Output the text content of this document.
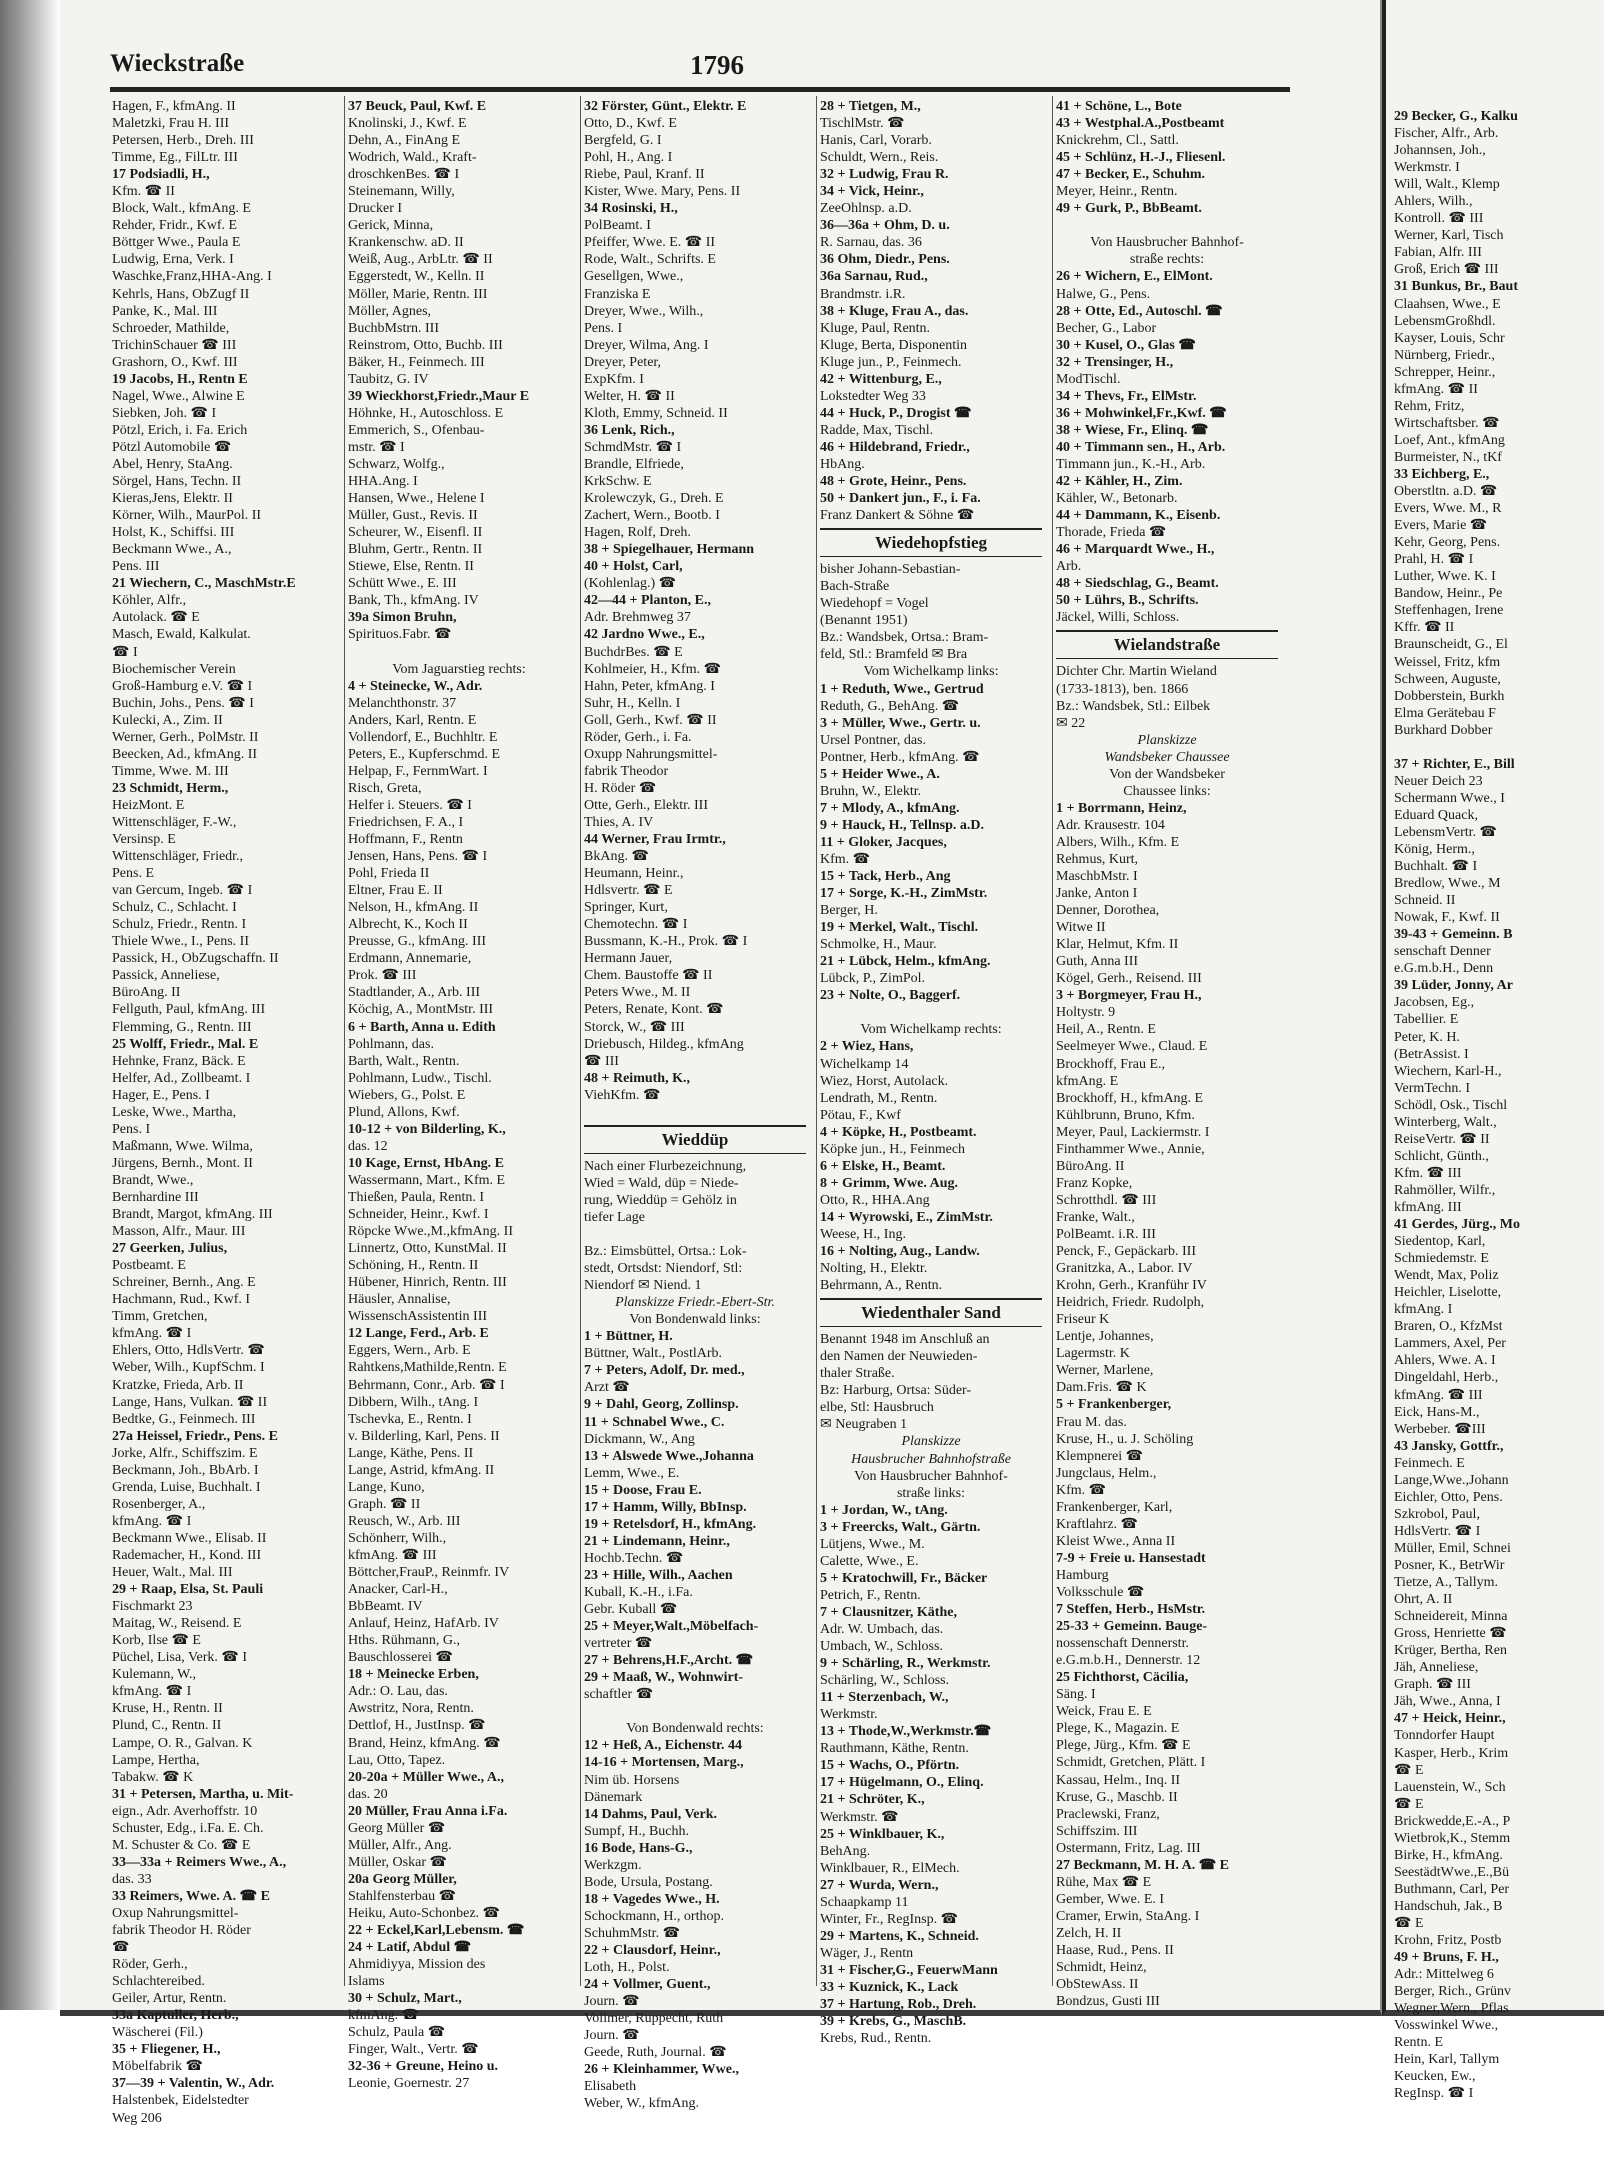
29 Becker, G., Kalku
Fischer, Alfr., Arb.
Johannsen, Joh.,
Werkmstr. I
Will, Walt., Klemp
Ahlers, Wilh.,
Kontroll. ☎ III
Werner, Karl, Tisch
Fabian, Alfr. III
Groß, Erich ☎ III
31 Bunkus, Br., Baut
Claahsen, Wwe., E
LebensmGroßhdl.
Kayser, Louis, Schr
Nürnberg, Friedr.,
Schrepper, Heinr.,
kfmAng. ☎ II
Rehm, Fritz,
Wirtschaftsber. ☎
Loef, Ant., kfmAng
Burmeister, N., tKf
33 Eichberg, E.,
Oberstltn. a.D. ☎
Evers, Wwe. M., R
Evers, Marie ☎
Kehr, Georg, Pens.
Prahl, H. ☎ I
Luther, Wwe. K. I
Bandow, Heinr., Pe
Steffenhagen, Irene
Kffr. ☎ II
Braunscheidt, G., El
Weissel, Fritz, kfm
Schween, Auguste,
Dobberstein, Burkh
Elma Gerätebau F
Burkhard Dobber
37 + Richter, E., Bill
Neuer Deich 23
Schermann Wwe., I
Eduard Quack,
LebensmVertr. ☎
König, Herm.,
Buchhalt. ☎ I
Bredlow, Wwe., M
Schneid. II
Nowak, F., Kwf. II
39-43 + Gemeinn. B
senschaft Denner
e.G.m.b.H., Denn
39 Lüder, Jonny, Ar
Jacobsen, Eg.,
Tabellier. E
Peter, K. H.
(BetrAssist. I
Wiechern, Karl-H.,
VermTechn. I
Schödl, Osk., Tischl
Winterberg, Walt.,
ReiseVertr. ☎ II
Schlicht, Günth.,
Kfm. ☎ III
Rahmöller, Wilfr.,
kfmAng. III
41 Gerdes, Jürg., Mo
Siedentop, Karl,
Schmiedemstr. E
Wendt, Max, Poliz
Heichler, Liselotte,
kfmAng. I
Braren, O., KfzMst
Lammers, Axel, Per
Ahlers, Wwe. A. I
Dingeldahl, Herb.,
kfmAng. ☎ III
Eick, Hans-M.,
Werbeber. ☎III
43 Jansky, Gottfr.,
Feinmech. E
Lange,Wwe.,Johann
Eichler, Otto, Pens.
Szkrobol, Paul,
HdlsVertr. ☎ I
Müller, Emil, Schnei
Posner, K., BetrWir
Tietze, A., Tallym.
Ohrt, A. II
Schneidereit, Minna
Gross, Henriette ☎
Krüger, Bertha, Ren
Jäh, Anneliese,
Graph. ☎ III
Jäh, Wwe., Anna, I
47 + Heick, Heinr.,
Tonndorfer Haupt
Kasper, Herb., Krim
☎ E
Lauenstein, W., Sch
☎ E
Brickwedde,E.-A., P
Wietbrok,K., Stemm
Birke, H., kfmAng.
SeestädtWwe.,E.,Bü
Buthmann, Carl, Per
Handschuh, Jak., B
☎ E
Krohn, Fritz, Postb
49 + Bruns, F. H.,
Adr.: Mittelweg 6
Berger, Rich., Grünv
Wegner,Wern., Pflas
Vosswinkel Wwe.,
Rentn. E
Hein, Karl, Tallym
Keucken, Ew.,
RegInsp. ☎ I
Wieckstraße	1796
Hagen, F., kfmAng. II
Maletzki, Frau H. III
Petersen, Herb., Dreh. III
Timme, Eg., FilLtr. III
17 Podsiadli, H.,
Kfm. ☎ II
Block, Walt., kfmAng. E
Rehder, Fridr., Kwf. E
Böttger Wwe., Paula E
Ludwig, Erna, Verk. I
Waschke,Franz,HHA-Ang. I
Kehrls, Hans, ObZugf II
Panke, K., Mal. III
Schroeder, Mathilde,
TrichinSchauer ☎ III
Grashorn, O., Kwf. III
19 Jacobs, H., Rentn E
Nagel, Wwe., Alwine E
Siebken, Joh. ☎ I
Pötzl, Erich, i. Fa. Erich
Pötzl Automobile ☎
Abel, Henry, StaAng.
Sörgel, Hans, Techn. II
Kieras,Jens, Elektr. II
Körner, Wilh., MaurPol. II
Holst, K., Schiffsi. III
Beckmann Wwe., A.,
Pens. III
21 Wiechern, C., MaschMstr.E
Köhler, Alfr.,
Autolack. ☎ E
Masch, Ewald, Kalkulat.
☎ I
Biochemischer Verein
Groß-Hamburg e.V. ☎ I
Buchin, Johs., Pens. ☎ I
Kulecki, A., Zim. II
Werner, Gerh., PolMstr. II
Beecken, Ad., kfmAng. II
Timme, Wwe. M. III
23 Schmidt, Herm.,
HeizMont. E
Wittenschläger, F.-W.,
Versinsp. E
Wittenschläger, Friedr.,
Pens. E
van Gercum, Ingeb. ☎ I
Schulz, C., Schlacht. I
Schulz, Friedr., Rentn. I
Thiele Wwe., I., Pens. II
Passick, H., ObZugschaffn. II
Passick, Anneliese,
BüroAng. II
Fellguth, Paul, kfmAng. III
Flemming, G., Rentn. III
25 Wolff, Friedr., Mal. E
Hehnke, Franz, Bäck. E
Helfer, Ad., Zollbeamt. I
Hager, E., Pens. I
Leske, Wwe., Martha,
Pens. I
Maßmann, Wwe. Wilma,
Jürgens, Bernh., Mont. II
Brandt, Wwe.,
Bernhardine III
Brandt, Margot, kfmAng. III
Masson, Alfr., Maur. III
27 Geerken, Julius,
Postbeamt. E
Schreiner, Bernh., Ang. E
Hachmann, Rud., Kwf. I
Timm, Gretchen,
kfmAng. ☎ I
Ehlers, Otto, HdlsVertr. ☎
Weber, Wilh., KupfSchm. I
Kratzke, Frieda, Arb. II
Lange, Hans, Vulkan. ☎ II
Bedtke, G., Feinmech. III
27a Heissel, Friedr., Pens. E
Jorke, Alfr., Schiffszim. E
Beckmann, Joh., BbArb. I
Grenda, Luise, Buchhalt. I
Rosenberger, A.,
kfmAng. ☎ I
Beckmann Wwe., Elisab. II
Rademacher, H., Kond. III
Heuer, Walt., Mal. III
29 + Raap, Elsa, St. Pauli
Fischmarkt 23
Maitag, W., Reisend. E
Korb, Ilse ☎ E
Püchel, Lisa, Verk. ☎ I
Kulemann, W.,
kfmAng. ☎ I
Kruse, H., Rentn. II
Plund, C., Rentn. II
Lampe, O. R., Galvan. K
Lampe, Hertha,
Tabakw. ☎ K
31 + Petersen, Martha, u. Mit-
eign., Adr. Averhoffstr. 10
Schuster, Edg., i.Fa. E. Ch.
M. Schuster & Co. ☎ E
33—33a + Reimers Wwe., A.,
das. 33
33 Reimers, Wwe. A. ☎ E
Oxup Nahrungsmittel-
fabrik Theodor H. Röder
☎
Röder, Gerh.,
Schlachtereibed.
Geiler, Artur, Rentn.
33a Kaptuller, Herb.,
Wäscherei (Fil.)
35 + Fliegener, H.,
Möbelfabrik ☎
37—39 + Valentin, W., Adr.
Halstenbek, Eidelstedter
Weg 206
37 Beuck, Paul, Kwf. E
Knolinski, J., Kwf. E
Dehn, A., FinAng E
Wodrich, Wald., Kraft-
droschkenBes. ☎ I
Steinemann, Willy,
Drucker I
Gerick, Minna,
Krankenschw. aD. II
Weiß, Aug., ArbLtr. ☎ II
Eggerstedt, W., Kelln. II
Möller, Marie, Rentn. III
Möller, Agnes,
BuchbMstrn. III
Reinstrom, Otto, Buchb. III
Bäker, H., Feinmech. III
Taubitz, G. IV
39 Wieckhorst,Friedr.,Maur E
Höhnke, H., Autoschloss. E
Emmerich, S., Ofenbau-
mstr. ☎ I
Schwarz, Wolfg.,
HHA.Ang. I
Hansen, Wwe., Helene I
Müller, Gust., Revis. II
Scheurer, W., Eisenfl. II
Bluhm, Gertr., Rentn. II
Stiewe, Else, Rentn. II
Schütt Wwe., E. III
Bank, Th., kfmAng. IV
39a Simon Bruhn,
Spirituos.Fabr. ☎
Vom Jaguarstieg rechts:
4 + Steinecke, W., Adr.
Melanchthonstr. 37
Anders, Karl, Rentn. E
Vollendorf, E., Buchhltr. E
Peters, E., Kupferschmd. E
Helpap, F., FernmWart. I
Risch, Greta,
Helfer i. Steuers. ☎ I
Friedrichsen, F. A., I
Hoffmann, F., Rentn
Jensen, Hans, Pens. ☎ I
Pohl, Frieda II
Eltner, Frau E. II
Nelson, H., kfmAng. II
Albrecht, K., Koch II
Preusse, G., kfmAng. III
Erdmann, Annemarie,
Prok. ☎ III
Stadtlander, A., Arb. III
Köchig, A., MontMstr. III
6 + Barth, Anna u. Edith
Pohlmann, das.
Barth, Walt., Rentn.
Pohlmann, Ludw., Tischl.
Wiebers, G., Polst. E
Plund, Allons, Kwf.
10-12 + von Bilderling, K.,
das. 12
10 Kage, Ernst, HbAng. E
Wassermann, Mart., Kfm. E
Thießen, Paula, Rentn. I
Schneider, Heinr., Kwf. I
Röpcke Wwe.,M.,kfmAng. II
Linnertz, Otto, KunstMal. II
Schöning, H., Rentn. II
Hübener, Hinrich, Rentn. III
Häusler, Annalise,
WissenschAssistentin III
12 Lange, Ferd., Arb. E
Eggers, Wern., Arb. E
Rahtkens,Mathilde,Rentn. E
Behrmann, Conr., Arb. ☎ I
Dibbern, Wilh., tAng. I
Tschevka, E., Rentn. I
v. Bilderling, Karl, Pens. II
Lange, Käthe, Pens. II
Lange, Astrid, kfmAng. II
Lange, Kuno,
Graph. ☎ II
Reusch, W., Arb. III
Schönherr, Wilh.,
kfmAng. ☎ III
Böttcher,FrauP., Reinmfr. IV
Anacker, Carl-H.,
BbBeamt. IV
Anlauf, Heinz, HafArb. IV
Hths. Rühmann, G.,
Bauschlosserei ☎
18 + Meinecke Erben,
Adr.: O. Lau, das.
Awstritz, Nora, Rentn.
Dettlof, H., JustInsp. ☎
Brand, Heinz, kfmAng. ☎
Lau, Otto, Tapez.
20-20a + Müller Wwe., A.,
das. 20
20 Müller, Frau Anna i.Fa.
Georg Müller ☎
Müller, Alfr., Ang.
Müller, Oskar ☎
20a Georg Müller,
Stahlfensterbau ☎
Heiku, Auto-Schonbez. ☎
22 + Eckel,Karl,Lebensm. ☎
24 + Latif, Abdul ☎
Ahmidiyya, Mission des
Islams
30 + Schulz, Mart.,
kfmAng. ☎
Schulz, Paula ☎
Finger, Walt., Vertr. ☎
32-36 + Greune, Heino u.
Leonie, Goernestr. 27
32 Förster, Günt., Elektr. E
Otto, D., Kwf. E
Bergfeld, G. I
Pohl, H., Ang. I
Riebe, Paul, Kranf. II
Kister, Wwe. Mary, Pens. II
34 Rosinski, H.,
PolBeamt. I
Pfeiffer, Wwe. E. ☎ II
Rode, Walt., Schrifts. E
Gesellgen, Wwe.,
Franziska E
Dreyer, Wwe., Wilh.,
Pens. I
Dreyer, Wilma, Ang. I
Dreyer, Peter,
ExpKfm. I
Welter, H. ☎ II
Kloth, Emmy, Schneid. II
36 Lenk, Rich.,
SchmdMstr. ☎ I
Brandle, Elfriede,
KrkSchw. E
Krolewczyk, G., Dreh. E
Zachert, Wern., Bootb. I
Hagen, Rolf, Dreh.
38 + Spiegelhauer, Hermann
40 + Holst, Carl,
(Kohlenlag.) ☎
42—44 + Planton, E.,
Adr. Brehmweg 37
42 Jardno Wwe., E.,
BuchdrBes. ☎ E
Kohlmeier, H., Kfm. ☎
Hahn, Peter, kfmAng. I
Suhr, H., Kelln. I
Goll, Gerh., Kwf. ☎ II
Röder, Gerh., i. Fa.
Oxupp Nahrungsmittel-
fabrik Theodor
H. Röder ☎
Otte, Gerh., Elektr. III
Thies, A. IV
44 Werner, Frau Irmtr.,
BkAng. ☎
Heumann, Heinr.,
Hdlsvertr. ☎ E
Springer, Kurt,
Chemotechn. ☎ I
Bussmann, K.-H., Prok. ☎ I
Hermann Jauer,
Chem. Baustoffe ☎ II
Peters Wwe., M. II
Peters, Renate, Kont. ☎
Storck, W., ☎ III
Driebusch, Hildeg., kfmAng
☎ III
48 + Reimuth, K.,
ViehKfm. ☎
Wieddüp
Nach einer Flurbezeichnung,
Wied = Wald, düp = Niede-
rung, Wieddüp = Gehölz in
tiefer Lage
Bz.: Eimsbüttel, Ortsa.: Lok-
stedt, Ortsdst: Niendorf, Stl:
Niendorf ✉ Niend. 1
Planskizze Friedr.-Ebert-Str.
Von Bondenwald links:
1 + Büttner, H.
Büttner, Walt., PostlArb.
7 + Peters, Adolf, Dr. med.,
Arzt ☎
9 + Dahl, Georg, Zollinsp.
11 + Schnabel Wwe., C.
Dickmann, W., Ang
13 + Alswede Wwe.,Johanna
Lemm, Wwe., E.
15 + Doose, Frau E.
17 + Hamm, Willy, BbInsp.
19 + Retelsdorf, H., kfmAng.
21 + Lindemann, Heinr.,
Hochb.Techn. ☎
23 + Hille, Wilh., Aachen
Kuball, K.-H., i.Fa.
Gebr. Kuball ☎
25 + Meyer,Walt.,Möbelfach-
vertreter ☎
27 + Behrens,H.F.,Archt. ☎
29 + Maaß, W., Wohnwirt-
schaftler ☎
Von Bondenwald rechts:
12 + Heß, A., Eichenstr. 44
14-16 + Mortensen, Marg.,
Nim üb. Horsens
Dänemark
14 Dahms, Paul, Verk.
Sumpf, H., Buchh.
16 Bode, Hans-G.,
Werkzgm.
Bode, Ursula, Postang.
18 + Vagedes Wwe., H.
Schockmann, H., orthop.
SchuhmMstr. ☎
22 + Clausdorf, Heinr.,
Loth, H., Polst.
24 + Vollmer, Guent.,
Journ. ☎
Vollmer, Ruppecht, Ruth
Journ. ☎
Geede, Ruth, Journal. ☎
26 + Kleinhammer, Wwe.,
Elisabeth
Weber, W., kfmAng.
28 + Tietgen, M.,
TischlMstr. ☎
Hanis, Carl, Vorarb.
Schuldt, Wern., Reis.
32 + Ludwig, Frau R.
34 + Vick, Heinr.,
ZeeOhlnsp. a.D.
36—36a + Ohm, D. u.
R. Sarnau, das. 36
36 Ohm, Diedr., Pens.
36a Sarnau, Rud.,
Brandmstr. i.R.
38 + Kluge, Frau A., das.
Kluge, Paul, Rentn.
Kluge, Berta, Disponentin
Kluge jun., P., Feinmech.
42 + Wittenburg, E.,
Lokstedter Weg 33
44 + Huck, P., Drogist ☎
Radde, Max, Tischl.
46 + Hildebrand, Friedr.,
HbAng.
48 + Grote, Heinr., Pens.
50 + Dankert jun., F., i. Fa.
Franz Dankert & Söhne ☎
Wiedehopfstieg
bisher Johann-Sebastian-
Bach-Straße
Wiedehopf = Vogel
(Benannt 1951)
Bz.: Wandsbek, Ortsa.: Bram-
feld, Stl.: Bramfeld ✉ Bra
Vom Wichelkamp links:
1 + Reduth, Wwe., Gertrud
Reduth, G., BehAng. ☎
3 + Müller, Wwe., Gertr. u.
Ursel Pontner, das.
Pontner, Herb., kfmAng. ☎
5 + Heider Wwe., A.
Bruhn, W., Elektr.
7 + Mlody, A., kfmAng.
9 + Hauck, H., Tellnsp. a.D.
11 + Gloker, Jacques,
Kfm. ☎
15 + Tack, Herb., Ang
17 + Sorge, K.-H., ZimMstr.
Berger, H.
19 + Merkel, Walt., Tischl.
Schmolke, H., Maur.
21 + Lübck, Helm., kfmAng.
Lübck, P., ZimPol.
23 + Nolte, O., Baggerf.
Vom Wichelkamp rechts:
2 + Wiez, Hans,
Wichelkamp 14
Wiez, Horst, Autolack.
Lendrath, M., Rentn.
Pötau, F., Kwf
4 + Köpke, H., Postbeamt.
Köpke jun., H., Feinmech
6 + Elske, H., Beamt.
8 + Grimm, Wwe. Aug.
Otto, R., HHA.Ang
14 + Wyrowski, E., ZimMstr.
Weese, H., Ing.
16 + Nolting, Aug., Landw.
Nolting, H., Elektr.
Behrmann, A., Rentn.
Wiedenthaler Sand
Benannt 1948 im Anschluß an
den Namen der Neuwieden-
thaler Straße.
Bz: Harburg, Ortsa: Süder-
elbe, Stl: Hausbruch
✉ Neugraben 1
Planskizze
Hausbrucher Bahnhofstraße
Von Hausbrucher Bahnhof-
straße links:
1 + Jordan, W., tAng.
3 + Freercks, Walt., Gärtn.
Lütjens, Wwe., M.
Calette, Wwe., E.
5 + Kratochwill, Fr., Bäcker
Petrich, F., Rentn.
7 + Clausnitzer, Käthe,
Adr. W. Umbach, das.
Umbach, W., Schloss.
9 + Schärling, R., Werkmstr.
Schärling, W., Schloss.
11 + Sterzenbach, W.,
Werkmstr.
13 + Thode,W.,Werkmstr.☎
Rauthmann, Käthe, Rentn.
15 + Wachs, O., Pförtn.
17 + Hügelmann, O., Elinq.
21 + Schröter, K.,
Werkmstr. ☎
25 + Winklbauer, K.,
BehAng.
Winklbauer, R., ElMech.
27 + Wurda, Wern.,
Schaapkamp 11
Winter, Fr., RegInsp. ☎
29 + Martens, K., Schneid.
Wäger, J., Rentn
31 + Fischer,G., FeuerwMann
33 + Kuznick, K., Lack
37 + Hartung, Rob., Dreh.
39 + Krebs, G., MaschB.
Krebs, Rud., Rentn.
41 + Schöne, L., Bote
43 + Westphal.A.,Postbeamt
Knickrehm, Cl., Sattl.
45 + Schlünz, H.-J., Fliesenl.
47 + Becker, E., Schuhm.
Meyer, Heinr., Rentn.
49 + Gurk, P., BbBeamt.
Von Hausbrucher Bahnhof-
straße rechts:
26 + Wichern, E., ElMont.
Halwe, G., Pens.
28 + Otte, Ed., Autoschl. ☎
Becher, G., Labor
30 + Kusel, O., Glas ☎
32 + Trensinger, H.,
ModTischl.
34 + Thevs, Fr., ElMstr.
36 + Mohwinkel,Fr.,Kwf. ☎
38 + Wiese, Fr., Elinq. ☎
40 + Timmann sen., H., Arb.
Timmann jun., K.-H., Arb.
42 + Kähler, H., Zim.
Kähler, W., Betonarb.
44 + Dammann, K., Eisenb.
Thorade, Frieda ☎
46 + Marquardt Wwe., H.,
Arb.
48 + Siedschlag, G., Beamt.
50 + Lührs, B., Schrifts.
Jäckel, Willi, Schloss.
Wielandstraße
Dichter Chr. Martin Wieland
(1733-1813), ben. 1866
Bz.: Wandsbek, Stl.: Eilbek
✉ 22
Planskizze
Wandsbeker Chaussee
Von der Wandsbeker
Chaussee links:
1 + Borrmann, Heinz,
Adr. Krausestr. 104
Albers, Wilh., Kfm. E
Rehmus, Kurt,
MaschbMstr. I
Janke, Anton I
Denner, Dorothea,
Witwe II
Klar, Helmut, Kfm. II
Guth, Anna III
Kögel, Gerh., Reisend. III
3 + Borgmeyer, Frau H.,
Holtystr. 9
Heil, A., Rentn. E
Seelmeyer Wwe., Claud. E
Brockhoff, Frau E.,
kfmAng. E
Brockhoff, H., kfmAng. E
Kühlbrunn, Bruno, Kfm.
Meyer, Paul, Lackiermstr. I
Finthammer Wwe., Annie,
BüroAng. II
Franz Kopke,
Schrotthdl. ☎ III
Franke, Walt.,
PolBeamt. i.R. III
Penck, F., Gepäckarb. III
Granitzka, A., Labor. IV
Krohn, Gerh., Kranführ IV
Heidrich, Friedr. Rudolph,
Friseur K
Lentje, Johannes,
Lagermstr. K
Werner, Marlene,
Dam.Fris. ☎ K
5 + Frankenberger,
Frau M. das.
Kruse, H., u. J. Schöling
Klempnerei ☎
Jungclaus, Helm.,
Kfm. ☎
Frankenberger, Karl,
Kraftlahrz. ☎
Kleist Wwe., Anna II
7-9 + Freie u. Hansestadt
Hamburg
Volksschule ☎
7 Steffen, Herb., HsMstr.
25-33 + Gemeinn. Bauge-
nossenschaft Dennerstr.
e.G.m.b.H., Dennerstr. 12
25 Fichthorst, Cäcilia,
Säng. I
Weick, Frau E. E
Plege, K., Magazin. E
Plege, Jürg., Kfm. ☎ E
Schmidt, Gretchen, Plätt. I
Kassau, Helm., Inq. II
Kruse, G., Maschb. II
Praclewski, Franz,
Schiffszim. III
Ostermann, Fritz, Lag. III
27 Beckmann, M. H. A. ☎ E
Rühe, Max ☎ E
Gember, Wwe. E. I
Cramer, Erwin, StaAng. I
Zelch, H. II
Haase, Rud., Pens. II
Schmidt, Heinz,
ObStewAss. II
Bondzus, Gusti III
